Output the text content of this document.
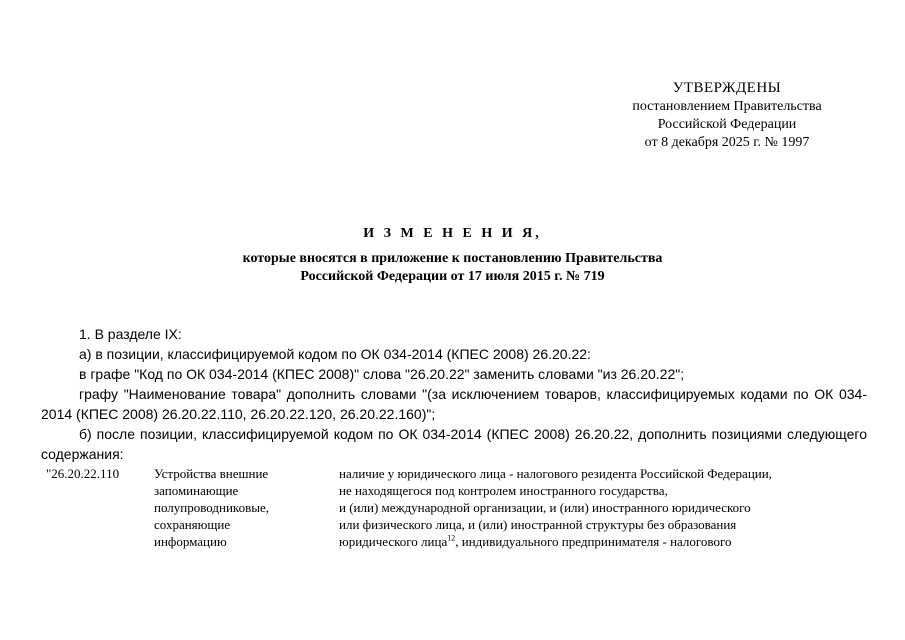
УТВЕРЖДЕНЫ
постановлением Правительства
Российской Федерации
от 8 декабря 2025 г. № 1997
И З М Е Н Е Н И Я,
которые вносятся в приложение к постановлению Правительства
Российской Федерации от 17 июля 2015 г. № 719
1. В разделе IX:
а) в позиции, классифицируемой кодом по ОК 034-2014 (КПЕС 2008) 26.20.22:
в графе "Код по ОК 034-2014 (КПЕС 2008)" слова "26.20.22" заменить словами "из 26.20.22";
графу "Наименование товара" дополнить словами "(за исключением товаров, классифицируемых кодами по ОК 034-2014 (КПЕС 2008) 26.20.22.110, 26.20.22.120, 26.20.22.160)";
б) после позиции, классифицируемой кодом по ОК 034-2014 (КПЕС 2008) 26.20.22, дополнить позициями следующего содержания:
"26.20.22.110	Устройства внешние
запоминающие
полупроводниковые,
сохраняющие
информацию
наличие у юридического лица - налогового резидента Российской Федерации,
не находящегося под контролем иностранного государства,
и (или) международной организации, и (или) иностранного юридического
или физического лица, и (или) иностранной структуры без образования
юридического лица$^{12}$, индивидуального предпринимателя - налогового
